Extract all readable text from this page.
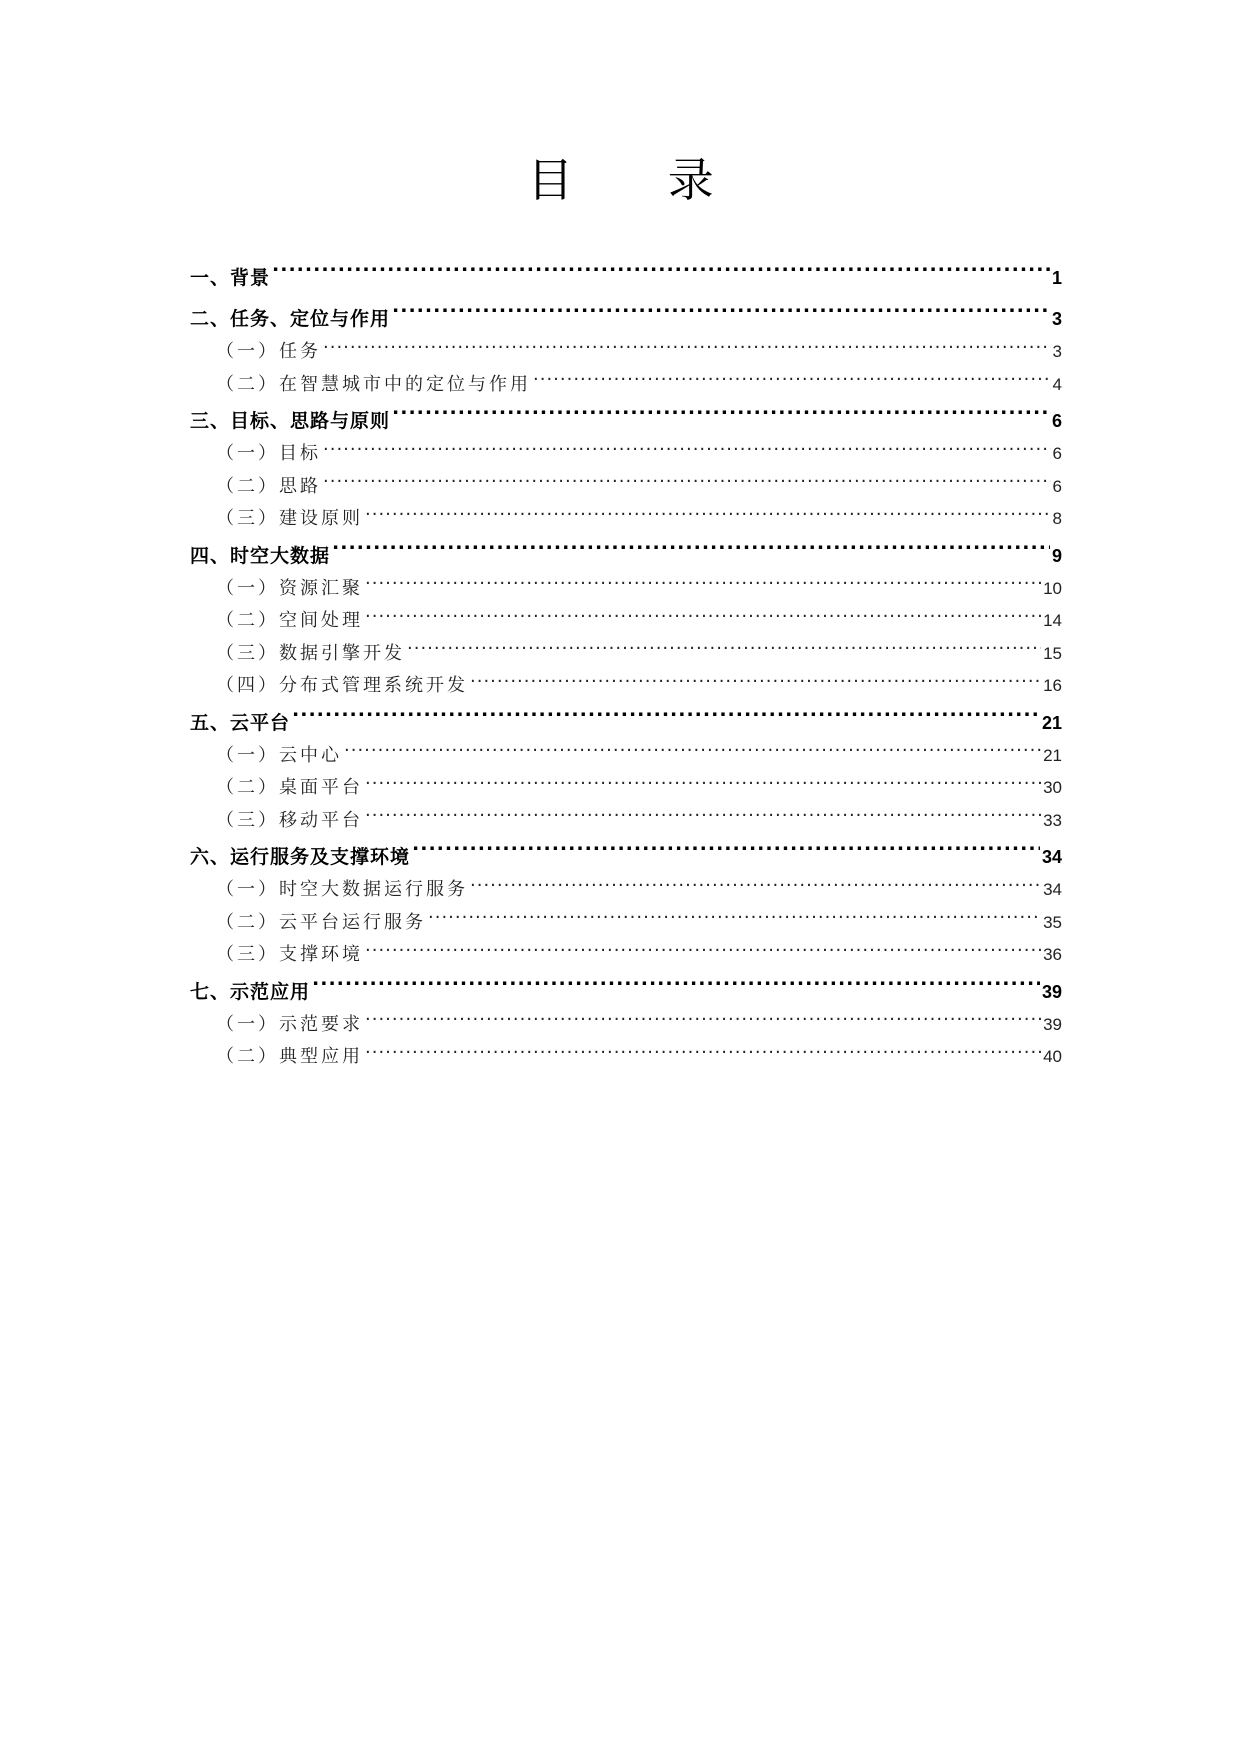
目 录
一、背景 .....	1
二、任务、定位与作用 .....	3
（一）任务 .....	3
（二）在智慧城市中的定位与作用 .....	4
三、目标、思路与原则 .....	6
（一）目标 .....	6
（二）思路 .....	6
（三）建设原则 .....	8
四、时空大数据 .....	9
（一）资源汇聚 .....	10
（二）空间处理 .....	14
（三）数据引擎开发 .....	15
（四）分布式管理系统开发 .....	16
五、云平台 .....	21
（一）云中心 .....	21
（二）桌面平台 .....	30
（三）移动平台 .....	33
六、运行服务及支撑环境 .....	34
（一）时空大数据运行服务 .....	34
（二）云平台运行服务 .....	35
（三）支撑环境 .....	36
七、示范应用 .....	39
（一）示范要求 .....	39
（二）典型应用 .....	40
